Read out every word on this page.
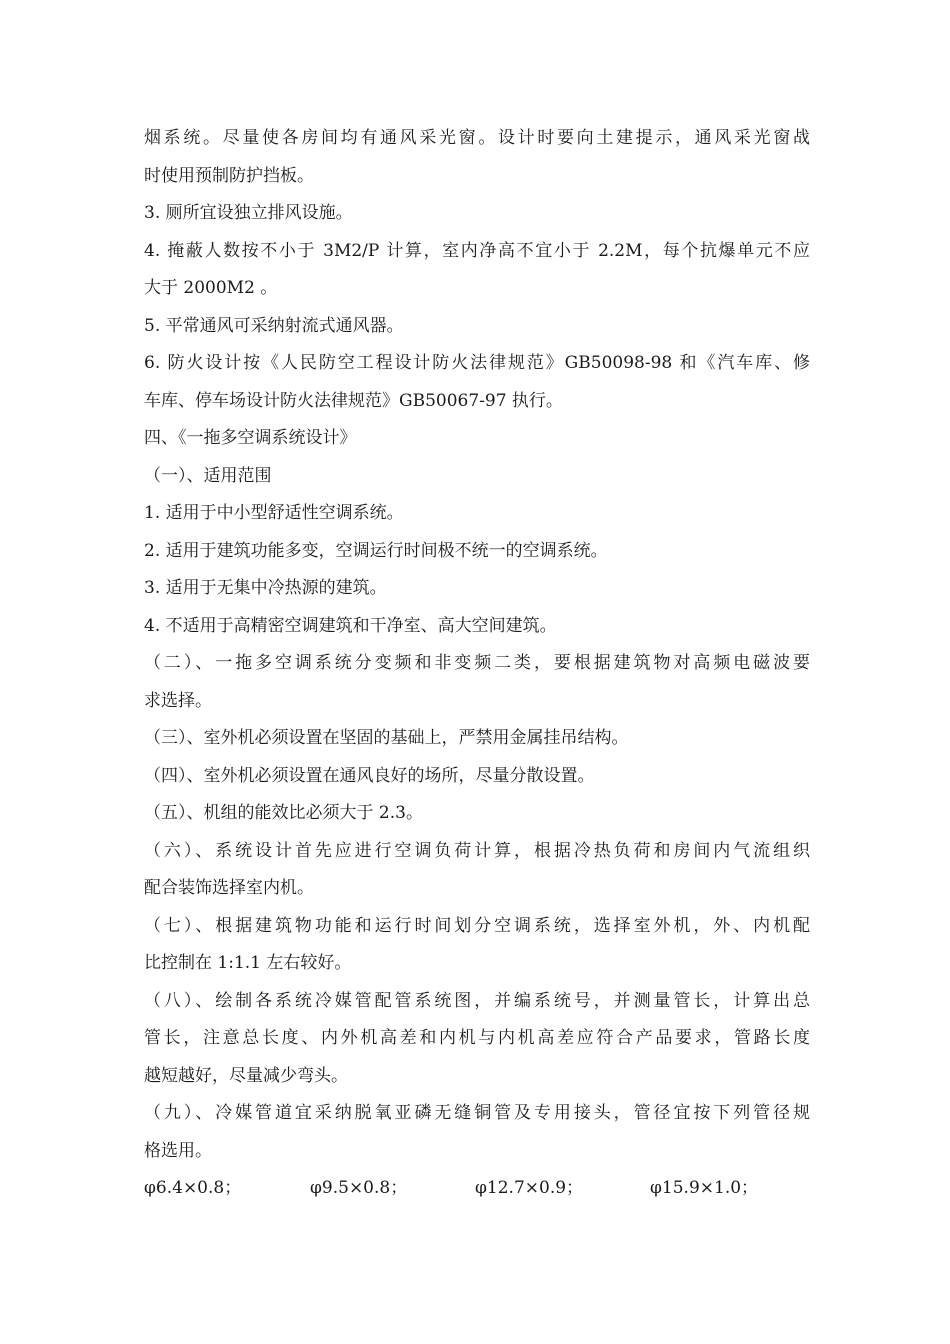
烟系统。尽量使各房间均有通风采光窗。设计时要向土建提示，通风采光窗战
时使用预制防护挡板。
3. 厕所宜设独立排风设施。
4. 掩蔽人数按不小于 3M2/P 计算，室内净高不宜小于 2.2M，每个抗爆单元不应
大于 2000M2 。
5. 平常通风可采纳射流式通风器。
6. 防火设计按《人民防空工程设计防火法律规范》GB50098-98 和《汽车库、修
车库、停车场设计防火法律规范》GB50067-97 执行。
四、《一拖多空调系统设计》
（一）、适用范围
1. 适用于中小型舒适性空调系统。
2. 适用于建筑功能多变，空调运行时间极不统一的空调系统。
3. 适用于无集中冷热源的建筑。
4. 不适用于高精密空调建筑和干净室、高大空间建筑。
（二）、一拖多空调系统分变频和非变频二类，要根据建筑物对高频电磁波要
求选择。
（三）、室外机必须设置在坚固的基础上，严禁用金属挂吊结构。
（四）、室外机必须设置在通风良好的场所，尽量分散设置。
（五）、机组的能效比必须大于 2.3。
（六）、系统设计首先应进行空调负荷计算，根据冷热负荷和房间内气流组织
配合装饰选择室内机。
（七）、根据建筑物功能和运行时间划分空调系统，选择室外机，外、内机配
比控制在 1:1.1 左右较好。
（八）、绘制各系统冷媒管配管系统图，并编系统号，并测量管长，计算出总
管长，注意总长度、内外机高差和内机与内机高差应符合产品要求，管路长度
越短越好，尽量减少弯头。
（九）、冷媒管道宜采纳脱氧亚磷无缝铜管及专用接头，管径宜按下列管径规
格选用。
φ6.4×0.8；	φ9.5×0.8；	φ12.7×0.9；	φ15.9×1.0；
